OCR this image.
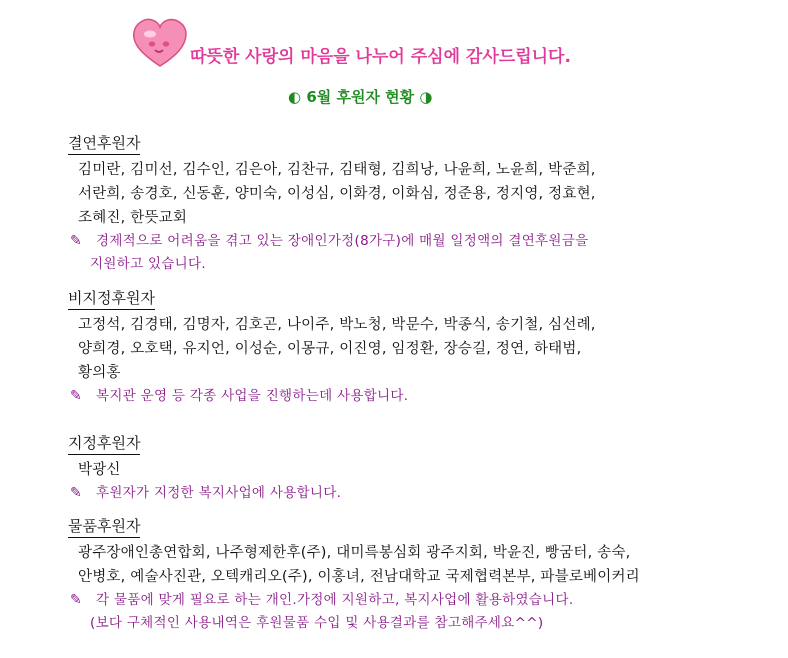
따뜻한 사랑의 마음을 나누어 주심에 감사드립니다.
◐ 6월 후원자 현황 ◑
결연후원자
김미란, 김미선, 김수인, 김은아, 김찬규, 김태형, 김희낭, 나윤희, 노윤희, 박준희,
서란희, 송경호, 신동훈, 양미숙, 이성심, 이화경, 이화심, 정준용, 정지영, 정효현,
조혜진, 한뜻교회
✎ 경제적으로 어려움을 겪고 있는 장애인가정(8가구)에 매월 일정액의 결연후원금을
지원하고 있습니다.
비지정후원자
고정석, 김경태, 김명자, 김호곤, 나이주, 박노청, 박문수, 박종식, 송기철, 심선례,
양희경, 오호택, 유지언, 이성순, 이몽규, 이진영, 임정환, 장승길, 정연, 하태범,
황의홍
✎ 복지관 운영 등 각종 사업을 진행하는데 사용합니다.
지정후원자
박광신
✎ 후원자가 지정한 복지사업에 사용합니다.
물품후원자
광주장애인총연합회, 나주형제한후(주), 대미륵봉심회 광주지회, 박윤진, 빵굼터, 송숙,
안병호, 예술사진관, 오텍캐리오(주), 이홍녀, 전남대학교 국제협력본부, 파블로베이커리
✎ 각 물품에 맞게 필요로 하는 개인.가정에 지원하고, 복지사업에 활용하였습니다.
(보다 구체적인 사용내역은 후원물품 수입 및 사용결과를 참고해주세요^^)
